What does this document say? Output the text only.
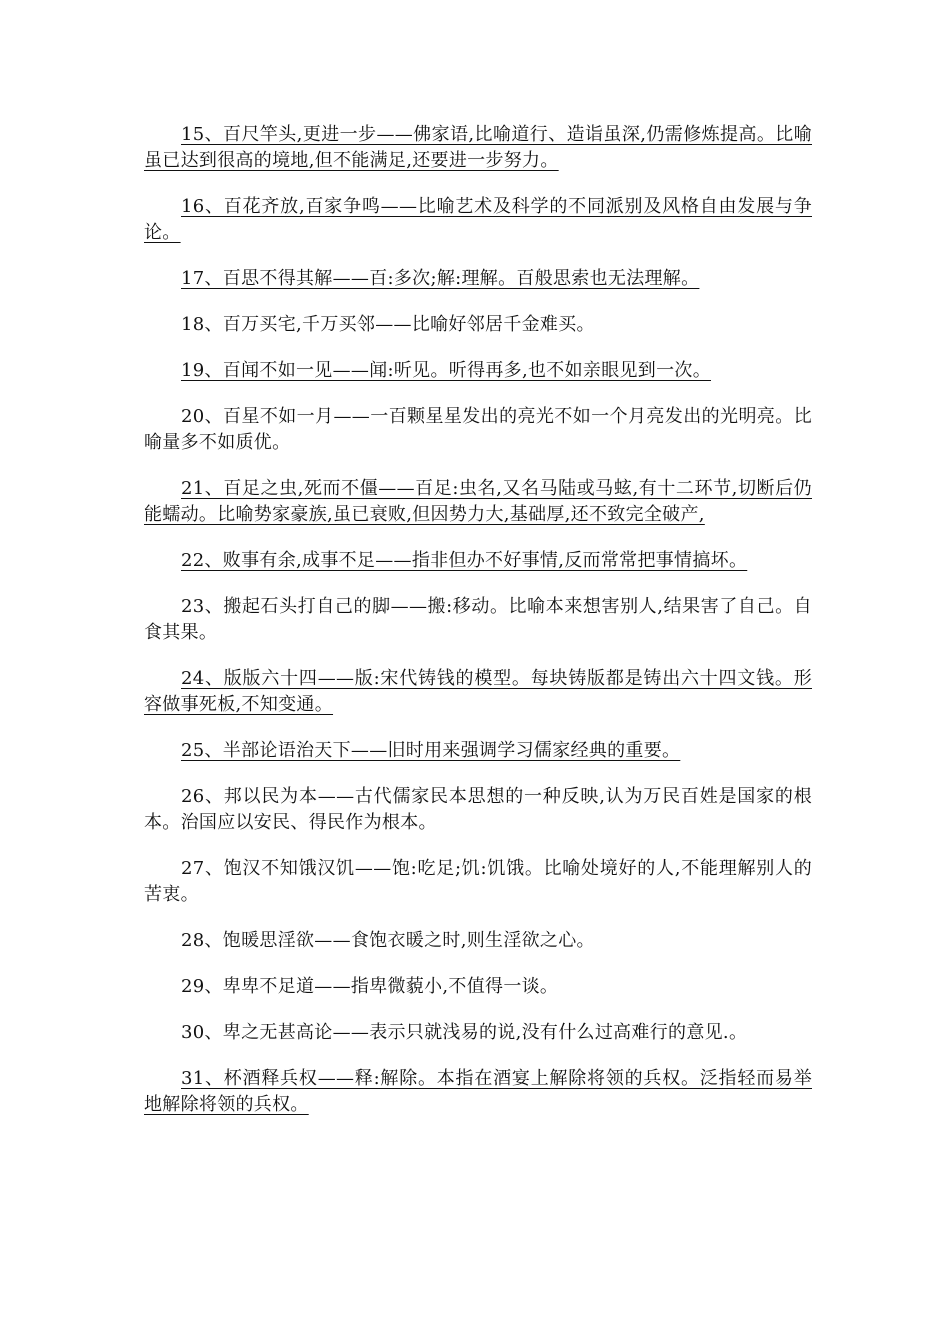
15、百尺竿头,更进一步——佛家语,比喻道行、造诣虽深,仍需修炼提高。比喻虽已达到很高的境地,但不能满足,还要进一步努力。

16、百花齐放,百家争鸣——比喻艺术及科学的不同派别及风格自由发展与争论。

17、百思不得其解——百:多次;解:理解。百般思索也无法理解。

18、百万买宅,千万买邻——比喻好邻居千金难买。

19、百闻不如一见——闻:听见。听得再多,也不如亲眼见到一次。

20、百星不如一月——一百颗星星发出的亮光不如一个月亮发出的光明亮。比喻量多不如质优。

21、百足之虫,死而不僵——百足:虫名,又名马陆或马蚿,有十二环节,切断后仍能蠕动。比喻势家豪族,虽已衰败,但因势力大,基础厚,还不致完全破产,

22、败事有余,成事不足——指非但办不好事情,反而常常把事情搞坏。

23、搬起石头打自己的脚——搬:移动。比喻本来想害别人,结果害了自己。自食其果。

24、版版六十四——版:宋代铸钱的模型。每块铸版都是铸出六十四文钱。形容做事死板,不知变通。

25、半部论语治天下——旧时用来强调学习儒家经典的重要。

26、邦以民为本——古代儒家民本思想的一种反映,认为万民百姓是国家的根本。治国应以安民、得民作为根本。

27、饱汉不知饿汉饥——饱:吃足;饥:饥饿。比喻处境好的人,不能理解别人的苦衷。

28、饱暖思淫欲——食饱衣暖之时,则生淫欲之心。

29、卑卑不足道——指卑微藐小,不值得一谈。

30、卑之无甚高论——表示只就浅易的说,没有什么过高难行的意见.。

31、杯酒释兵权——释:解除。本指在酒宴上解除将领的兵权。泛指轻而易举地解除将领的兵权。
